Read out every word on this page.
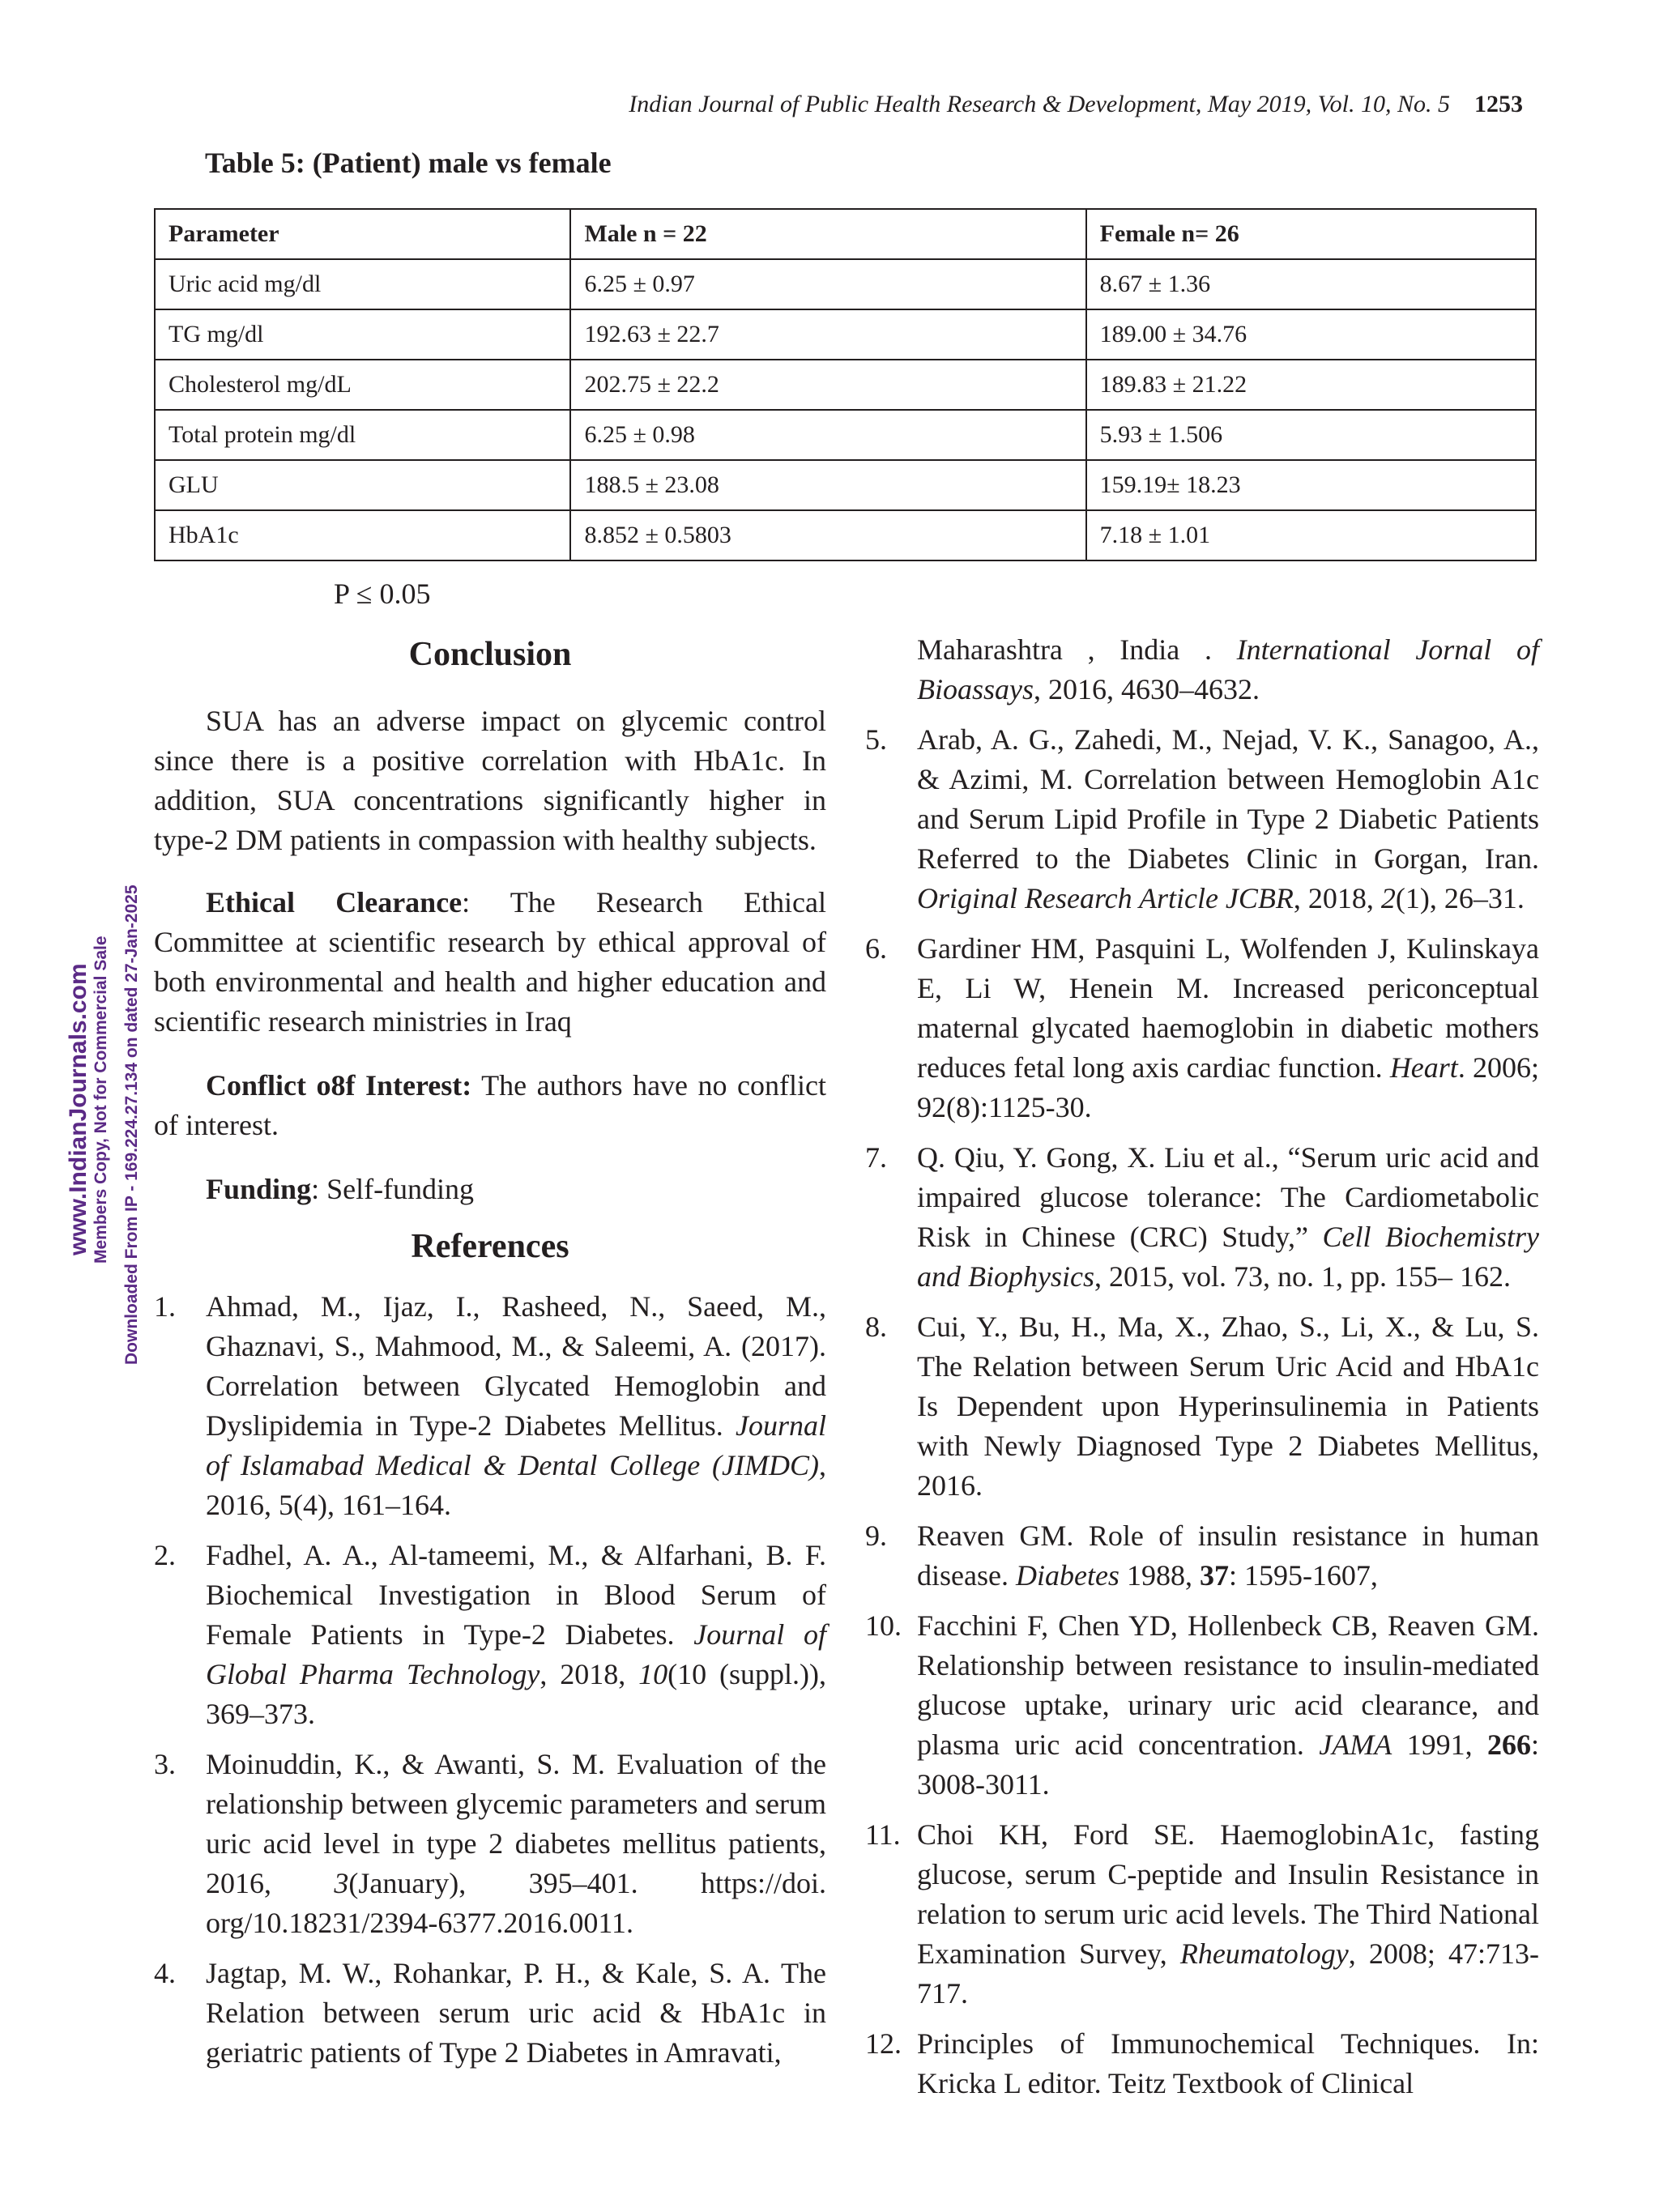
Indian Journal of Public Health Research & Development, May 2019, Vol. 10, No. 5 1253
Table 5: (Patient) male vs female
Parameter	Male n = 22	Female n= 26
Uric acid mg/dl	6.25 ± 0.97	8.67 ± 1.36
TG mg/dl	192.63 ± 22.7	189.00 ± 34.76
Cholesterol mg/dL	202.75 ± 22.2	189.83 ± 21.22
Total protein mg/dl	6.25 ± 0.98	5.93 ± 1.506
GLU	188.5 ± 23.08	159.19± 18.23
HbA1c	8.852 ± 0.5803	7.18 ± 1.01
P ≤ 0.05
Conclusion

SUA has an adverse impact on glycemic control since there is a positive correlation with HbA1c. In addition, SUA concentrations significantly higher in type-2 DM patients in compassion with healthy subjects.

Ethical Clearance: The Research Ethical Committee at scientific research by ethical approval of both environmental and health and higher education and scientific research ministries in Iraq

Conflict o8f Interest: The authors have no conflict of interest.

Funding: Self-funding

References
1.	Ahmad, M., Ijaz, I., Rasheed, N., Saeed, M., Ghaznavi, S., Mahmood, M., & Saleemi, A. (2017). Correlation between Glycated Hemoglobin and Dyslipidemia in Type-2 Diabetes Mellitus. Journal of Islamabad Medical & Dental College (JIMDC), 2016, 5(4), 161–164.
2.	Fadhel, A. A., Al-tameemi, M., & Alfarhani, B. F. Biochemical Investigation in Blood Serum of Female Patients in Type-2 Diabetes. Journal of Global Pharma Technology, 2018, 10(10 (suppl.)), 369–373.
3.	Moinuddin, K., & Awanti, S. M. Evaluation of the relationship between glycemic parameters and serum uric acid level in type 2 diabetes mellitus patients, 2016, 3(January), 395–401. https://doi. org/10.18231/2394-6377.2016.0011.
4.	Jagtap, M. W., Rohankar, P. H., & Kale, S. A. The Relation between serum uric acid & HbA1c in geriatric patients of Type 2 Diabetes in Amravati,
Maharashtra , India . International Jornal of Bioassays, 2016, 4630–4632.
5.	Arab, A. G., Zahedi, M., Nejad, V. K., Sanagoo, A., & Azimi, M. Correlation between Hemoglobin A1c and Serum Lipid Profile in Type 2 Diabetic Patients Referred to the Diabetes Clinic in Gorgan, Iran. Original Research Article JCBR, 2018, 2(1), 26–31.
6.	Gardiner HM, Pasquini L, Wolfenden J, Kulinskaya E, Li W, Henein M. Increased periconceptual maternal glycated haemoglobin in diabetic mothers reduces fetal long axis cardiac function. Heart. 2006; 92(8):1125-30.
7.	Q. Qiu, Y. Gong, X. Liu et al., “Serum uric acid and impaired glucose tolerance: The Cardiometabolic Risk in Chinese (CRC) Study,” Cell Biochemistry and Biophysics, 2015, vol. 73, no. 1, pp. 155– 162.
8.	Cui, Y., Bu, H., Ma, X., Zhao, S., Li, X., & Lu, S. The Relation between Serum Uric Acid and HbA1c Is Dependent upon Hyperinsulinemia in Patients with Newly Diagnosed Type 2 Diabetes Mellitus, 2016.
9.	Reaven GM. Role of insulin resistance in human disease. Diabetes 1988, 37: 1595-1607,
10. Facchini F, Chen YD, Hollenbeck CB, Reaven GM. Relationship between resistance to insulin-mediated glucose uptake, urinary uric acid clearance, and plasma uric acid concentration. JAMA 1991, 266: 3008-3011.
11. Choi KH, Ford SE. HaemoglobinA1c, fasting glucose, serum C-peptide and Insulin Resistance in relation to serum uric acid levels. The Third National Examination Survey, Rheumatology, 2008; 47:713-717.
12. Principles of Immunochemical Techniques. In: Kricka L editor. Teitz Textbook of Clinical
www.IndianJournals.com Members Copy, Not for Commercial Sale Downloaded From IP - 169.224.27.134 on dated 27-Jan-2025
